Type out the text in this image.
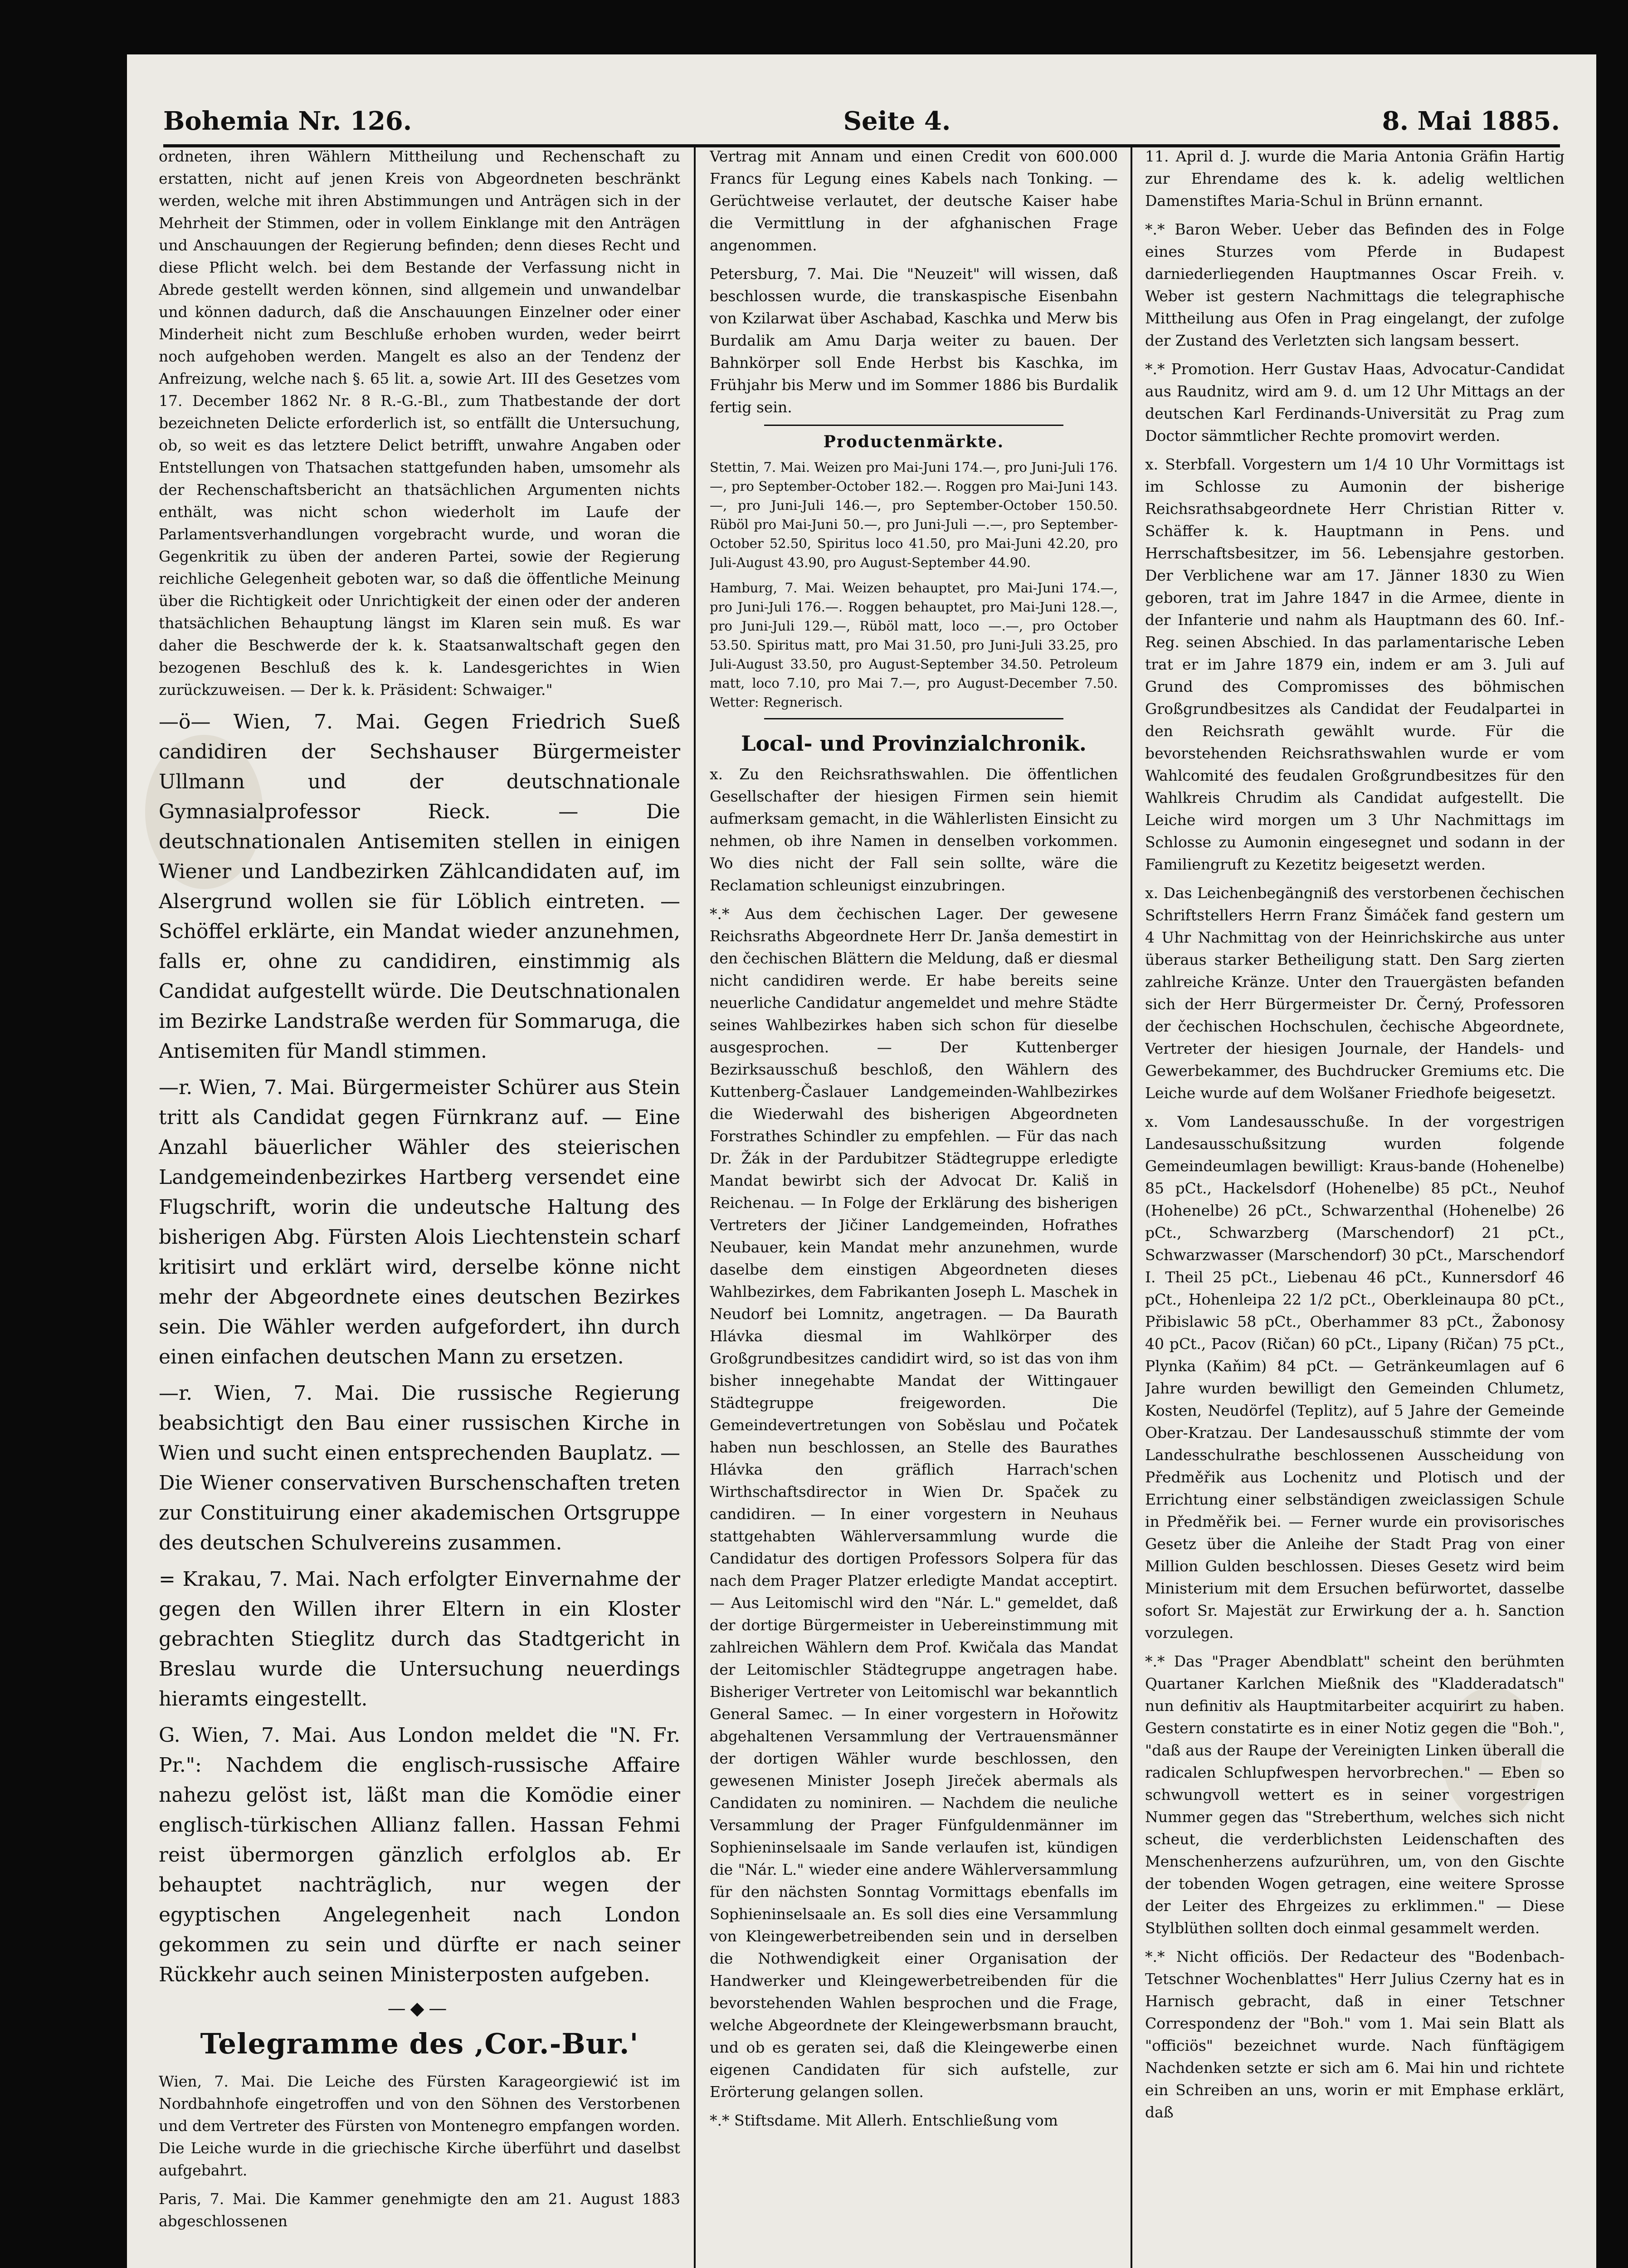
Bohemia Nr. 126.	Seite 4.	8. Mai 1885.

ordneten, ihren Wählern Mittheilung und Rechenschaft zu erstatten, nicht auf jenen Kreis von Abgeordneten beschränkt werden, welche mit ihren Abstimmungen und Anträgen sich in der Mehrheit der Stimmen, oder in vollem Einklange mit den Anträgen und Anschauungen der Regierung befinden; denn dieses Recht und diese Pflicht welch. bei dem Bestande der Verfassung nicht in Abrede gestellt werden können, sind allgemein und unwandelbar und können dadurch, daß die Anschauungen Einzelner oder einer Minderheit nicht zum Beschluße erhoben wurden, weder beirrt noch aufgehoben werden. Mangelt es also an der Tendenz der Anfreizung, welche nach §. 65 lit. a, sowie Art. III des Gesetzes vom 17. December 1862 Nr. 8 R.-G.-Bl., zum Thatbestande der dort bezeichneten Delicte erforderlich ist, so entfällt die Untersuchung, ob, so weit es das letztere Delict betrifft, unwahre Angaben oder Entstellungen von Thatsachen stattgefunden haben, umsomehr als der Rechenschaftsbericht an thatsächlichen Argumenten nichts enthält, was nicht schon wiederholt im Laufe der Parlamentsverhandlungen vorgebracht wurde, und woran die Gegenkritik zu üben der anderen Partei, sowie der Regierung reichliche Gelegenheit geboten war, so daß die öffentliche Meinung über die Richtigkeit oder Unrichtigkeit der einen oder der anderen thatsächlichen Behauptung längst im Klaren sein muß. Es war daher die Beschwerde der k. k. Staatsanwaltschaft gegen den bezogenen Beschluß des k. k. Landesgerichtes in Wien zurückzuweisen. — Der k. k. Präsident: Schwaiger."

—ö— Wien, 7. Mai. Gegen Friedrich Sueß candidiren der Sechshauser Bürgermeister Ullmann und der deutschnationale Gymnasialprofessor Rieck. — Die deutschnationalen Antisemiten stellen in einigen Wiener und Landbezirken Zählcandidaten auf, im Alsergrund wollen sie für Löblich eintreten. — Schöffel erklärte, ein Mandat wieder anzunehmen, falls er, ohne zu candidiren, einstimmig als Candidat aufgestellt würde. Die Deutschnationalen im Bezirke Landstraße werden für Sommaruga, die Antisemiten für Mandl stimmen.

—r. Wien, 7. Mai. Bürgermeister Schürer aus Stein tritt als Candidat gegen Fürnkranz auf. — Eine Anzahl bäuerlicher Wähler des steierischen Landgemeindenbezirkes Hartberg versendet eine Flugschrift, worin die undeutsche Haltung des bisherigen Abg. Fürsten Alois Liechtenstein scharf kritisirt und erklärt wird, derselbe könne nicht mehr der Abgeordnete eines deutschen Bezirkes sein. Die Wähler werden aufgefordert, ihn durch einen einfachen deutschen Mann zu ersetzen.

—r. Wien, 7. Mai. Die russische Regierung beabsichtigt den Bau einer russischen Kirche in Wien und sucht einen entsprechenden Bauplatz. — Die Wiener conservativen Burschenschaften treten zur Constituirung einer akademischen Ortsgruppe des deutschen Schulvereins zusammen.

= Krakau, 7. Mai. Nach erfolgter Einvernahme der gegen den Willen ihrer Eltern in ein Kloster gebrachten Stieglitz durch das Stadtgericht in Breslau wurde die Untersuchung neuerdings hieramts eingestellt.

G. Wien, 7. Mai. Aus London meldet die "N. Fr. Pr.": Nachdem die englisch-russische Affaire nahezu gelöst ist, läßt man die Komödie einer englisch-türkischen Allianz fallen. Hassan Fehmi reist übermorgen gänzlich erfolglos ab. Er behauptet nachträglich, nur wegen der egyptischen Angelegenheit nach London gekommen zu sein und dürfte er nach seiner Rückkehr auch seinen Ministerposten aufgeben.

—◆—
Telegramme des ‚Cor.-Bur.'

Wien, 7. Mai. Die Leiche des Fürsten Karageorgiewić ist im Nordbahnhofe eingetroffen und von den Söhnen des Verstorbenen und dem Vertreter des Fürsten von Montenegro empfangen worden. Die Leiche wurde in die griechische Kirche überführt und daselbst aufgebahrt.

Paris, 7. Mai. Die Kammer genehmigte den am 21. August 1883 abgeschlossenen

Vertrag mit Annam und einen Credit von 600.000 Francs für Legung eines Kabels nach Tonking. — Gerüchtweise verlautet, der deutsche Kaiser habe die Vermittlung in der afghanischen Frage angenommen.

Petersburg, 7. Mai. Die "Neuzeit" will wissen, daß beschlossen wurde, die transkaspische Eisenbahn von Kzilarwat über Aschabad, Kaschka und Merw bis Burdalik am Amu Darja weiter zu bauen. Der Bahnkörper soll Ende Herbst bis Kaschka, im Frühjahr bis Merw und im Sommer 1886 bis Burdalik fertig sein.

Productenmärkte.

Stettin, 7. Mai. Weizen pro Mai-Juni 174.—, pro Juni-Juli 176.—, pro September-October 182.—. Roggen pro Mai-Juni 143.—, pro Juni-Juli 146.—, pro September-October 150.50. Rüböl pro Mai-Juni 50.—, pro Juni-Juli —.—, pro September-October 52.50, Spiritus loco 41.50, pro Mai-Juni 42.20, pro Juli-August 43.90, pro August-September 44.90.

Hamburg, 7. Mai. Weizen behauptet, pro Mai-Juni 174.—, pro Juni-Juli 176.—. Roggen behauptet, pro Mai-Juni 128.—, pro Juni-Juli 129.—, Rüböl matt, loco —.—, pro October 53.50. Spiritus matt, pro Mai 31.50, pro Juni-Juli 33.25, pro Juli-August 33.50, pro August-September 34.50. Petroleum matt, loco 7.10, pro Mai 7.—, pro August-December 7.50. Wetter: Regnerisch.

Local- und Provinzialchronik.

x. Zu den Reichsrathswahlen. Die öffentlichen Gesellschafter der hiesigen Firmen sein hiemit aufmerksam gemacht, in die Wählerlisten Einsicht zu nehmen, ob ihre Namen in denselben vorkommen. Wo dies nicht der Fall sein sollte, wäre die Reclamation schleunigst einzubringen.

*.* Aus dem čechischen Lager. Der gewesene Reichsraths Abgeordnete Herr Dr. Janša demestirt in den čechischen Blättern die Meldung, daß er diesmal nicht candidiren werde. Er habe bereits seine neuerliche Candidatur angemeldet und mehre Städte seines Wahlbezirkes haben sich schon für dieselbe ausgesprochen. — Der Kuttenberger Bezirksausschuß beschloß, den Wählern des Kuttenberg-Časlauer Landgemeinden-Wahlbezirkes die Wiederwahl des bisherigen Abgeordneten Forstrathes Schindler zu empfehlen. — Für das nach Dr. Žák in der Pardubitzer Städtegruppe erledigte Mandat bewirbt sich der Advocat Dr. Kališ in Reichenau. — In Folge der Erklärung des bisherigen Vertreters der Jičiner Landgemeinden, Hofrathes Neubauer, kein Mandat mehr anzunehmen, wurde daselbe dem einstigen Abgeordneten dieses Wahlbezirkes, dem Fabrikanten Joseph L. Maschek in Neudorf bei Lomnitz, angetragen. — Da Baurath Hlávka diesmal im Wahlkörper des Großgrundbesitzes candidirt wird, so ist das von ihm bisher innegehabte Mandat der Wittingauer Städtegruppe freigeworden. Die Gemeindevertretungen von Soběslau und Počatek haben nun beschlossen, an Stelle des Baurathes Hlávka den gräflich Harrach'schen Wirthschaftsdirector in Wien Dr. Spaček zu candidiren. — In einer vorgestern in Neuhaus stattgehabten Wählerversammlung wurde die Candidatur des dortigen Professors Solpera für das nach dem Prager Platzer erledigte Mandat acceptirt. — Aus Leitomischl wird den "Nár. L." gemeldet, daß der dortige Bürgermeister in Uebereinstimmung mit zahlreichen Wählern dem Prof. Kwičala das Mandat der Leitomischler Städtegruppe angetragen habe. Bisheriger Vertreter von Leitomischl war bekanntlich General Samec. — In einer vorgestern in Hořowitz abgehaltenen Versammlung der Vertrauensmänner der dortigen Wähler wurde beschlossen, den gewesenen Minister Joseph Jireček abermals als Candidaten zu nominiren. — Nachdem die neuliche Versammlung der Prager Fünfguldenmänner im Sophieninselsaale im Sande verlaufen ist, kündigen die "Nár. L." wieder eine andere Wählerversammlung für den nächsten Sonntag Vormittags ebenfalls im Sophieninselsaale an. Es soll dies eine Versammlung von Kleingewerbetreibenden sein und in derselben die Nothwendigkeit einer Organisation der Handwerker und Kleingewerbetreibenden für die bevorstehenden Wahlen besprochen und die Frage, welche Abgeordnete der Kleingewerbsmann braucht, und ob es geraten sei, daß die Kleingewerbe einen eigenen Candidaten für sich aufstelle, zur Erörterung gelangen sollen.

*.* Stiftsdame. Mit Allerh. Entschließung vom

11. April d. J. wurde die Maria Antonia Gräfin Hartig zur Ehrendame des k. k. adelig weltlichen Damenstiftes Maria-Schul in Brünn ernannt.

*.* Baron Weber. Ueber das Befinden des in Folge eines Sturzes vom Pferde in Budapest darniederliegenden Hauptmannes Oscar Freih. v. Weber ist gestern Nachmittags die telegraphische Mittheilung aus Ofen in Prag eingelangt, der zufolge der Zustand des Verletzten sich langsam bessert.

*.* Promotion. Herr Gustav Haas, Advocatur-Candidat aus Raudnitz, wird am 9. d. um 12 Uhr Mittags an der deutschen Karl Ferdinands-Universität zu Prag zum Doctor sämmtlicher Rechte promovirt werden.

x. Sterbfall. Vorgestern um 1/4 10 Uhr Vormittags ist im Schlosse zu Aumonin der bisherige Reichsrathsabgeordnete Herr Christian Ritter v. Schäffer k. k. Hauptmann in Pens. und Herrschaftsbesitzer, im 56. Lebensjahre gestorben. Der Verblichene war am 17. Jänner 1830 zu Wien geboren, trat im Jahre 1847 in die Armee, diente in der Infanterie und nahm als Hauptmann des 60. Inf.-Reg. seinen Abschied. In das parlamentarische Leben trat er im Jahre 1879 ein, indem er am 3. Juli auf Grund des Compromisses des böhmischen Großgrundbesitzes als Candidat der Feudalpartei in den Reichsrath gewählt wurde. Für die bevorstehenden Reichsrathswahlen wurde er vom Wahlcomité des feudalen Großgrundbesitzes für den Wahlkreis Chrudim als Candidat aufgestellt. Die Leiche wird morgen um 3 Uhr Nachmittags im Schlosse zu Aumonin eingesegnet und sodann in der Familiengruft zu Kezetitz beigesetzt werden.

x. Das Leichenbegängniß des verstorbenen čechischen Schriftstellers Herrn Franz Šimáček fand gestern um 4 Uhr Nachmittag von der Heinrichskirche aus unter überaus starker Betheiligung statt. Den Sarg zierten zahlreiche Kränze. Unter den Trauergästen befanden sich der Herr Bürgermeister Dr. Černý, Professoren der čechischen Hochschulen, čechische Abgeordnete, Vertreter der hiesigen Journale, der Handels- und Gewerbekammer, des Buchdrucker Gremiums etc. Die Leiche wurde auf dem Wolšaner Friedhofe beigesetzt.

x. Vom Landesausschuße. In der vorgestrigen Landesausschußsitzung wurden folgende Gemeindeumlagen bewilligt: Kraus-bande (Hohenelbe) 85 pCt., Hackelsdorf (Hohenelbe) 85 pCt., Neuhof (Hohenelbe) 26 pCt., Schwarzenthal (Hohenelbe) 26 pCt., Schwarzberg (Marschendorf) 21 pCt., Schwarzwasser (Marschendorf) 30 pCt., Marschendorf I. Theil 25 pCt., Liebenau 46 pCt., Kunnersdorf 46 pCt., Hohenleipa 22 1/2 pCt., Oberkleinaupa 80 pCt., Přibislawic 58 pCt., Oberhammer 83 pCt., Žabonosy 40 pCt., Pacov (Ričan) 60 pCt., Lipany (Ričan) 75 pCt., Plynka (Kaňim) 84 pCt. — Getränkeumlagen auf 6 Jahre wurden bewilligt den Gemeinden Chlumetz, Kosten, Neudörfel (Teplitz), auf 5 Jahre der Gemeinde Ober-Kratzau. Der Landesausschuß stimmte der vom Landesschulrathe beschlossenen Ausscheidung von Předměřik aus Lochenitz und Plotisch und der Errichtung einer selbständigen zweiclassigen Schule in Předměřik bei. — Ferner wurde ein provisorisches Gesetz über die Anleihe der Stadt Prag von einer Million Gulden beschlossen. Dieses Gesetz wird beim Ministerium mit dem Ersuchen befürwortet, dasselbe sofort Sr. Majestät zur Erwirkung der a. h. Sanction vorzulegen.

*.* Das "Prager Abendblatt" scheint den berühmten Quartaner Karlchen Mießnik des "Kladderadatsch" nun definitiv als Hauptmitarbeiter acquirirt zu haben. Gestern constatirte es in einer Notiz gegen die "Boh.", "daß aus der Raupe der Vereinigten Linken überall die radicalen Schlupfwespen hervorbrechen." — Eben so schwungvoll wettert es in seiner vorgestrigen Nummer gegen das "Streberthum, welches sich nicht scheut, die verderblichsten Leidenschaften des Menschenherzens aufzurühren, um, von den Gischte der tobenden Wogen getragen, eine weitere Sprosse der Leiter des Ehrgeizes zu erklimmen." — Diese Stylblüthen sollten doch einmal gesammelt werden.

*.* Nicht officiös. Der Redacteur des "Bodenbach-Tetschner Wochenblattes" Herr Julius Czerny hat es in Harnisch gebracht, daß in einer Tetschner Correspondenz der "Boh." vom 1. Mai sein Blatt als "officiös" bezeichnet wurde. Nach fünftägigem Nachdenken setzte er sich am 6. Mai hin und richtete ein Schreiben an uns, worin er mit Emphase erklärt, daß
